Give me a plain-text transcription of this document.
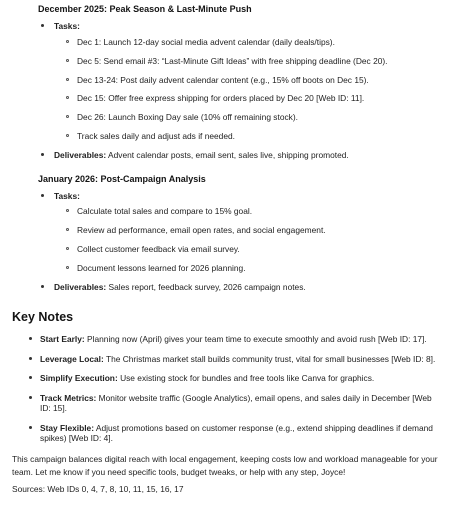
December 2025: Peak Season & Last-Minute Push
Tasks:
Dec 1: Launch 12-day social media advent calendar (daily deals/tips).
Dec 5: Send email #3: “Last-Minute Gift Ideas” with free shipping deadline (Dec 20).
Dec 13-24: Post daily advent calendar content (e.g., 15% off boots on Dec 15).
Dec 15: Offer free express shipping for orders placed by Dec 20 [Web ID: 11].
Dec 26: Launch Boxing Day sale (10% off remaining stock).
Track sales daily and adjust ads if needed.
Deliverables: Advent calendar posts, email sent, sales live, shipping promoted.
January 2026: Post-Campaign Analysis
Tasks:
Calculate total sales and compare to 15% goal.
Review ad performance, email open rates, and social engagement.
Collect customer feedback via email survey.
Document lessons learned for 2026 planning.
Deliverables: Sales report, feedback survey, 2026 campaign notes.
Key Notes
Start Early: Planning now (April) gives your team time to execute smoothly and avoid rush [Web ID: 17].
Leverage Local: The Christmas market stall builds community trust, vital for small businesses [Web ID: 8].
Simplify Execution: Use existing stock for bundles and free tools like Canva for graphics.
Track Metrics: Monitor website traffic (Google Analytics), email opens, and sales daily in December [Web ID: 15].
Stay Flexible: Adjust promotions based on customer response (e.g., extend shipping deadlines if demand spikes) [Web ID: 4].

This campaign balances digital reach with local engagement, keeping costs low and workload manageable for your team. Let me know if you need specific tools, budget tweaks, or help with any step, Joyce!

Sources: Web IDs 0, 4, 7, 8, 10, 11, 15, 16, 17
